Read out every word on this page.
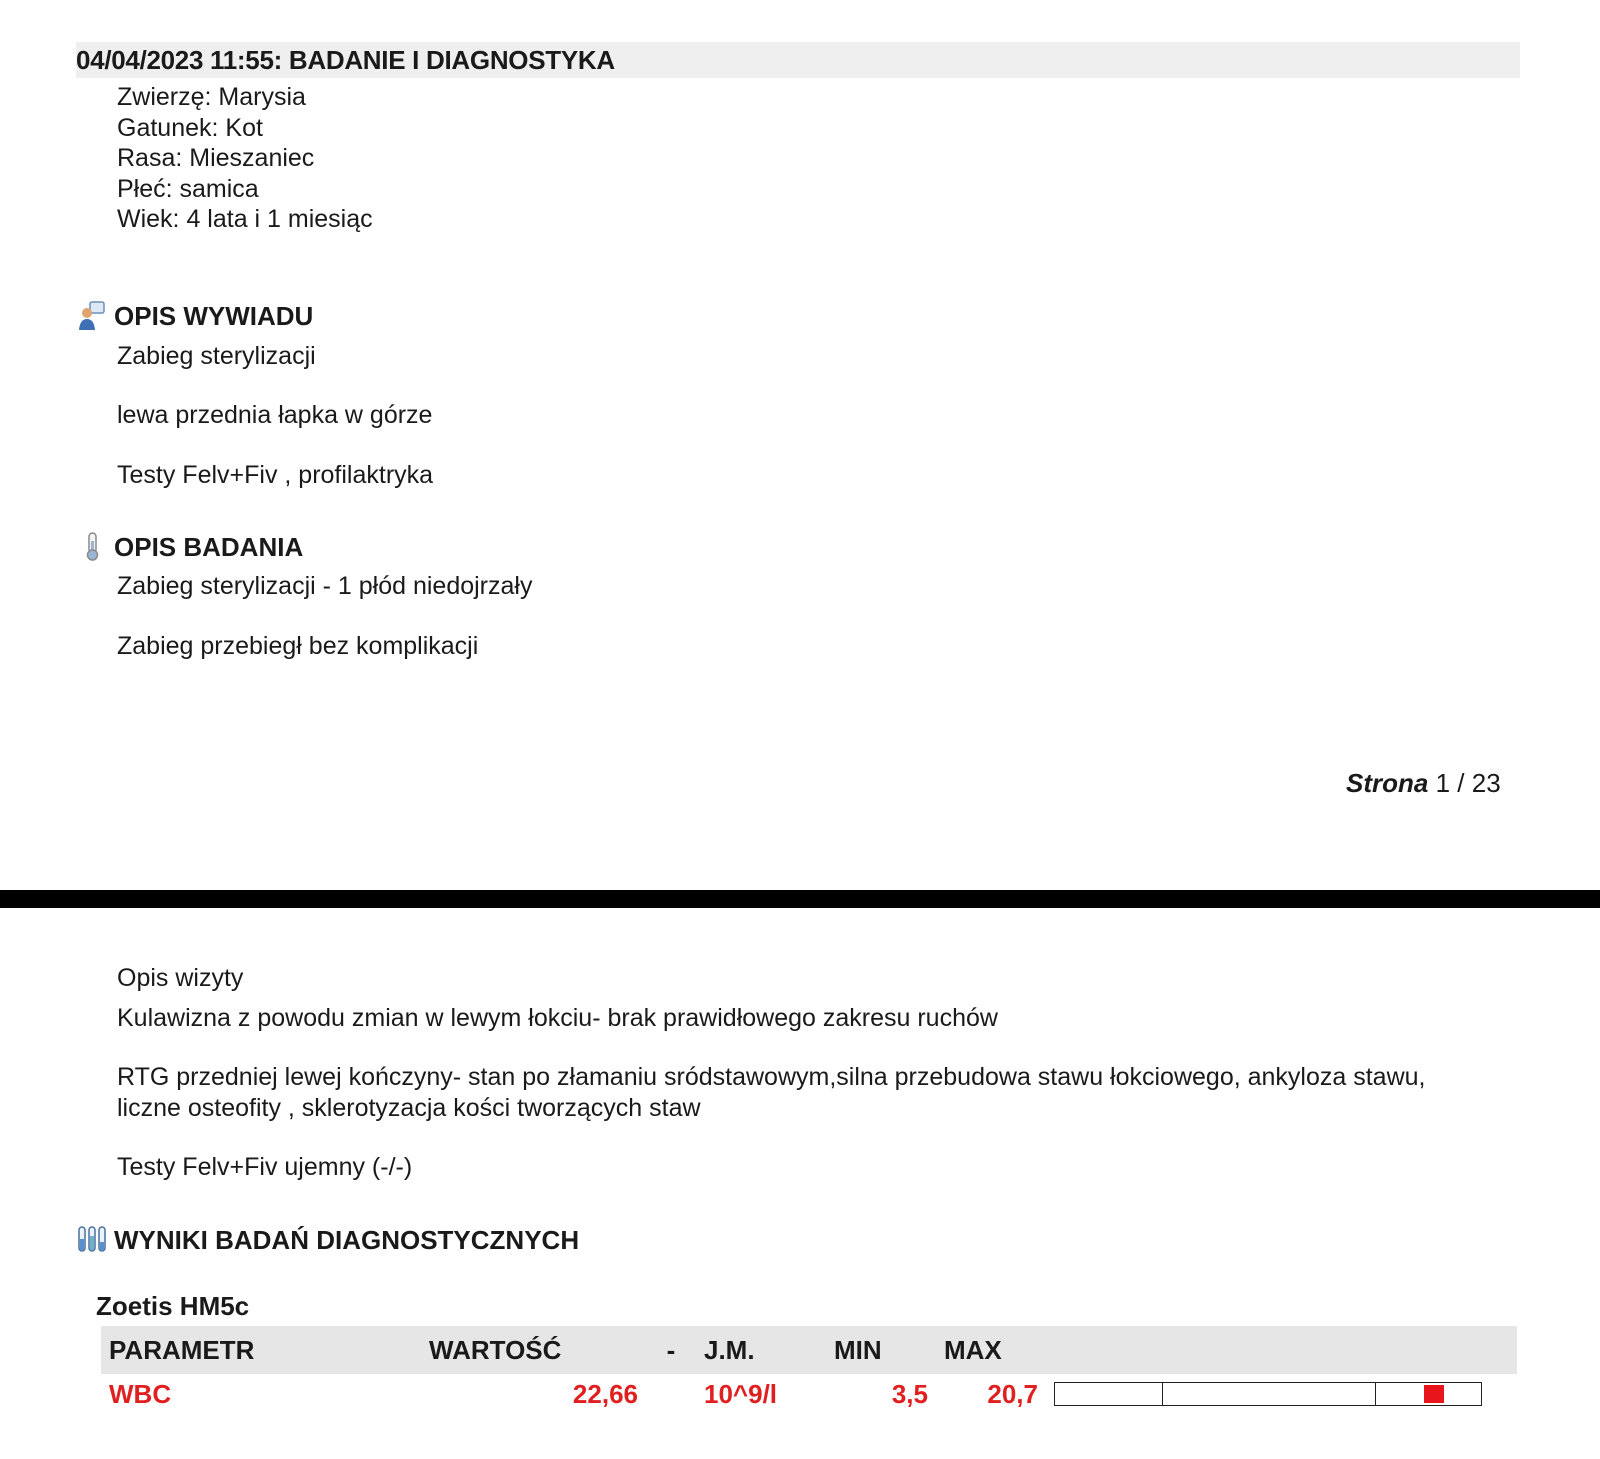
04/04/2023 11:55: BADANIE I DIAGNOSTYKA
Zwierzę: Marysia
Gatunek: Kot
Rasa: Mieszaniec
Płeć: samica
Wiek: 4 lata i 1 miesiąc
OPIS WYWIADU
Zabieg sterylizacji
lewa przednia łapka w górze
Testy Felv+Fiv , profilaktryka
OPIS BADANIA
Zabieg sterylizacji - 1 płód niedojrzały
Zabieg przebiegł bez komplikacji
Strona 1 / 23
Opis wizyty
Kulawizna z powodu zmian w lewym łokciu- brak prawidłowego zakresu ruchów
RTG przedniej lewej kończyny- stan po złamaniu sródstawowym,silna przebudowa stawu łokciowego, ankyloza stawu, liczne osteofity , sklerotyzacja kości tworzących staw
Testy Felv+Fiv ujemny (-/-)
WYNIKI BADAŃ DIAGNOSTYCZNYCH
Zoetis HM5c
PARAMETR	WARTOŚĆ	-	J.M.	MIN	MAX	
WBC	22,66		10^9/l	3,5	20,7	
